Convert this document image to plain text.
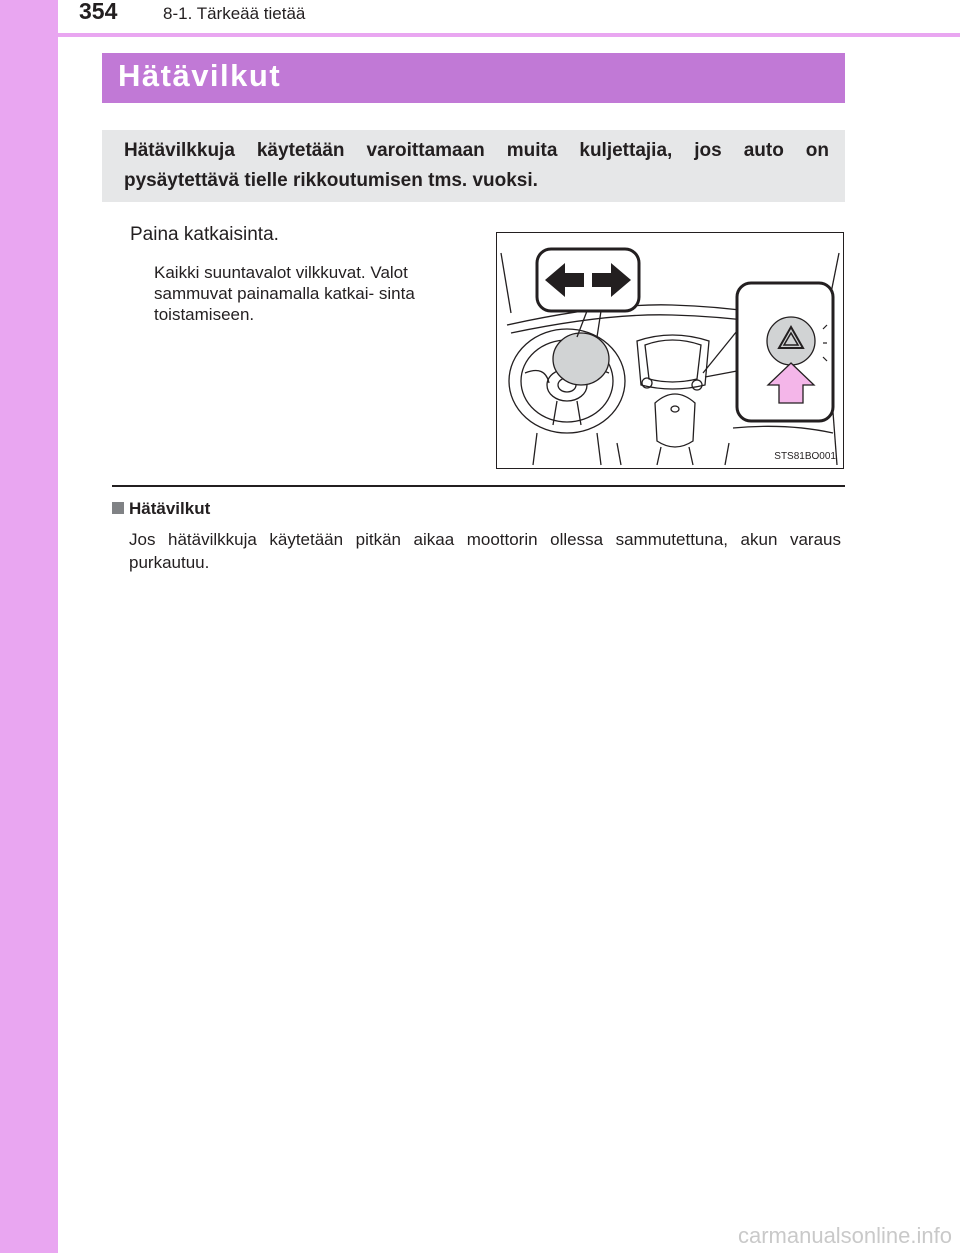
354	8-1. Tärkeää tietää
Hätävilkut
Hätävilkkuja käytetään varoittamaan muita kuljettajia, jos auto on pysäytettävä tielle rikkoutumisen tms. vuoksi.
Paina katkaisinta.
Kaikki suuntavalot vilkkuvat. Valot sammuvat painamalla katkai- sinta toistamiseen.
STS81BO001
Hätävilkut
Jos hätävilkkuja käytetään pitkän aikaa moottorin ollessa sammutettuna, akun varaus purkautuu.
carmanualsonline.info
